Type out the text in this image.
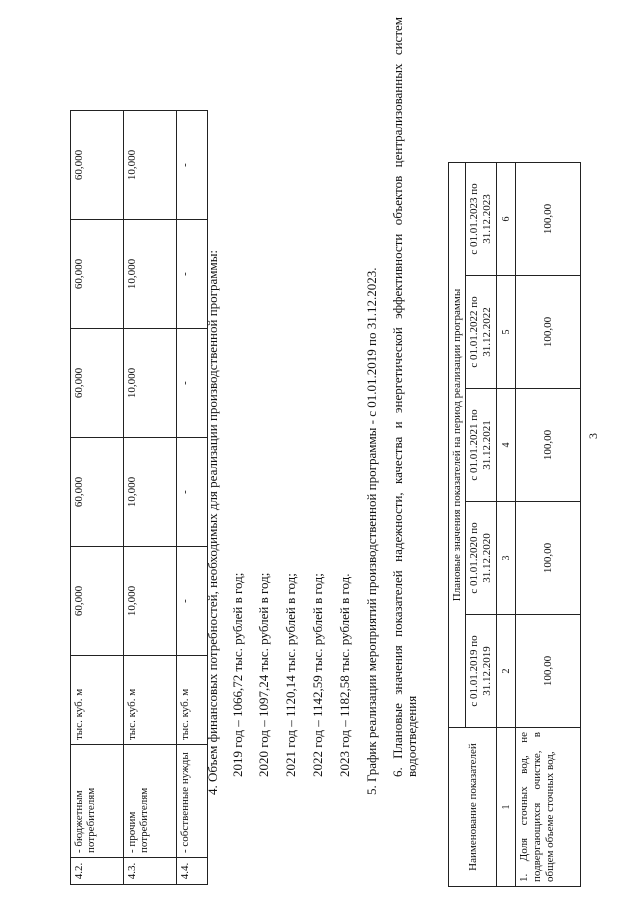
3
4.2.	- бюджетным потребителям	тыс. куб. м	60,000	60,000	60,000	60,000	60,000
4.3.	- прочим потребителям	тыс. куб. м	10,000	10,000	10,000	10,000	10,000
4.4.	- собственные нужды	тыс. куб. м	-	-	-	-	-
4. Объем финансовых потребностей, необходимых для реализации производственной программы: 2019 год – 1066,72 тыс. рублей в год; 2020 год – 1097,24 тыс. рублей в год; 2021 год – 1120,14 тыс. рублей в год; 2022 год – 1142,59 тыс. рублей в год; 2023 год – 1182,58 тыс. рублей в год. 5. График реализации мероприятий производственной программы - с 01.01.2019 по 31.12.2023. 6. Плановые значения показателей надежности, качества и энергетической эффективности объектов централизованных систем водоотведения
Наименование показателей	Плановые значения показателей на период реализации программы				
	с 01.01.2019 по 31.12.2019	с 01.01.2020 по 31.12.2020	с 01.01.2021 по 31.12.2021	с 01.01.2022 по 31.12.2022	с 01.01.2023 по 31.12.2023
1	2	3	4	5	6
1. Доля сточных вод, не подвергающихся очистке, в общем объеме сточных вод,	100,00	100,00	100,00	100,00	100,00
